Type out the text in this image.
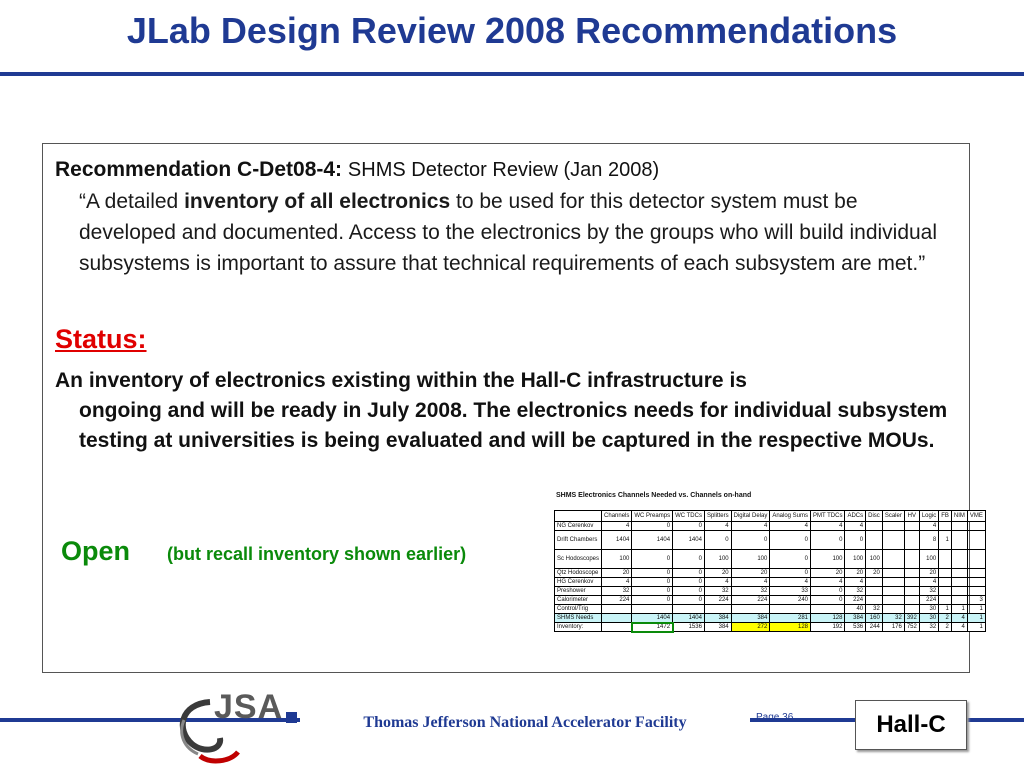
JLab Design Review 2008 Recommendations
Recommendation C-Det08-4: SHMS Detector Review (Jan 2008)
“A detailed inventory of all electronics to be used for this detector system must be developed and documented. Access to the electronics by the groups who will build individual subsystems is important to assure that technical requirements of each subsystem are met.”
Status:
An inventory of electronics existing within the Hall-C infrastructure is
ongoing and will be ready in July 2008. The electronics needs for individual subsystem testing at universities is being evaluated and will be captured in the respective MOUs.
Open (but recall inventory shown earlier)
SHMS Electronics Channels Needed vs. Channels on-hand
	Channels	WC Preamps	WC TDCs	Splitters	Digital Delay	Analog Sums	PMT TDCs	ADCs	Disc	Scaler	HV	Logic	FB	NIM	VME
NG Cerenkov	4	0	0	4	4	4	4	4				4			
Drift Chambers	1404	1404	1404	0	0	0	0	0				8	1		
Sc Hodoscopes	100	0	0	100	100	0	100	100	100			100			
Qtz Hodoscope	20	0	0	20	20	0	20	20	20			20			
HG Cerenkov	4	0	0	4	4	4	4	4				4			
Preshower	32	0	0	32	32	33	0	32				32			
Calorimeter	224	0	0	224	224	240	0	224				224			3
Control/Trig								40	32			30	1	1	1
SHMS Needs		1404	1404	384	384	281	128	384	160	32	392	30	2	4	1
Inventory:		1472	1536	384	272	128	192	536	244	176	752	32	2	4	1
JSA	Thomas Jefferson National Accelerator Facility	Page 36	Hall-C
